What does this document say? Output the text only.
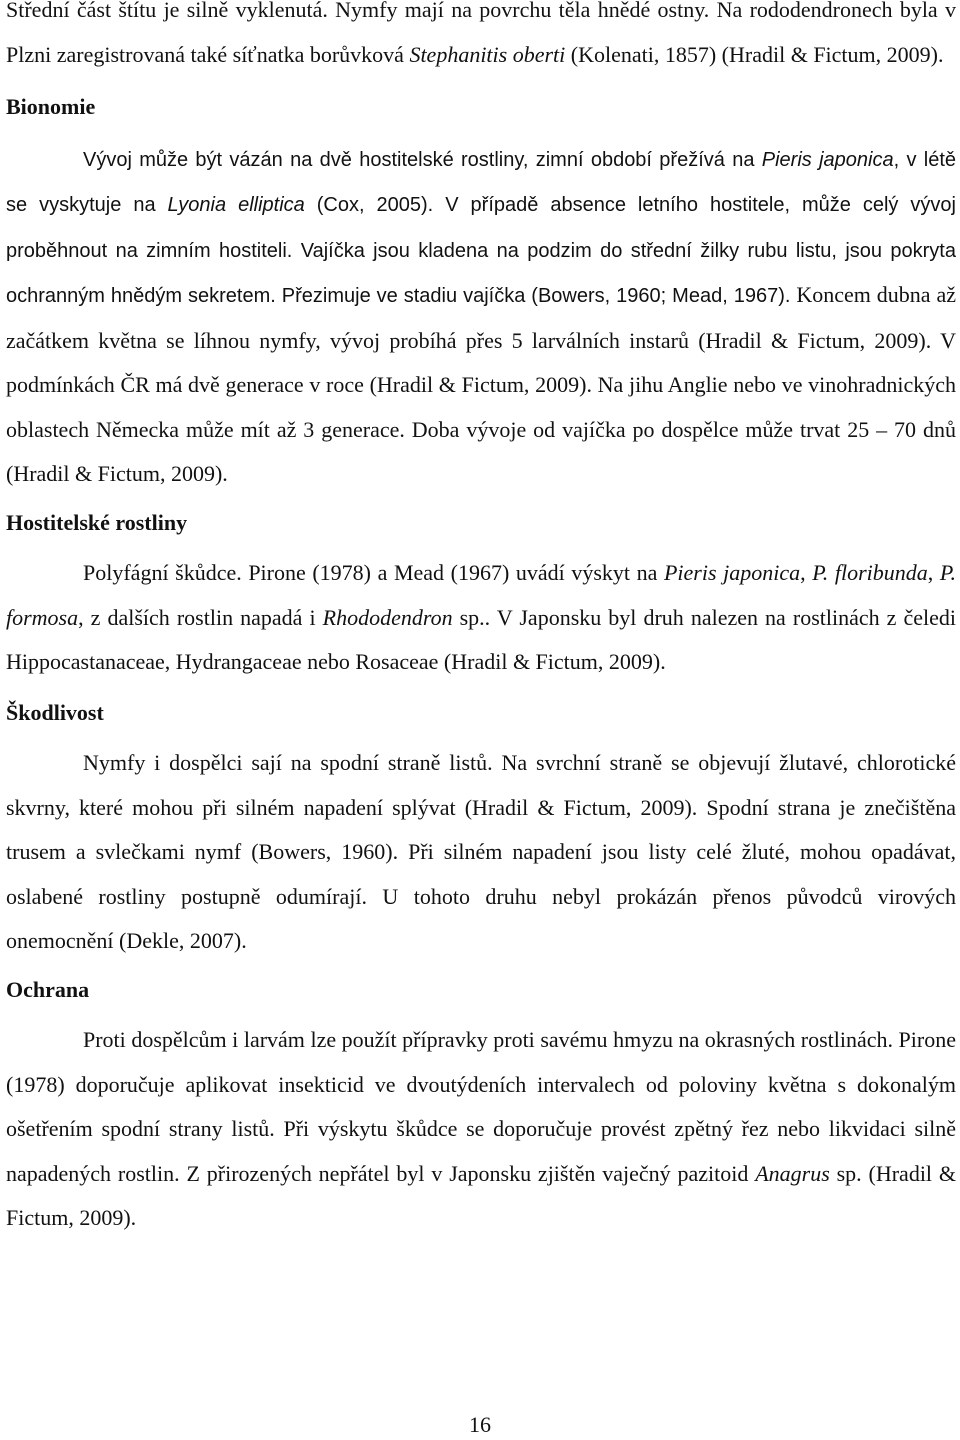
Střední část štítu je silně vyklenutá. Nymfy mají na povrchu těla hnědé ostny. Na rododendronech byla v Plzni zaregistrovaná také síťnatka borůvková Stephanitis oberti (Kolenati, 1857) (Hradil & Fictum, 2009).

Bionomie

Vývoj může být vázán na dvě hostitelské rostliny, zimní období přežívá na Pieris japonica, v létě se vyskytuje na Lyonia elliptica (Cox, 2005). V případě absence letního hostitele, může celý vývoj proběhnout na zimním hostiteli. Vajíčka jsou kladena na podzim do střední žilky rubu listu, jsou pokryta ochranným hnědým sekretem. Přezimuje ve stadiu vajíčka (Bowers, 1960; Mead, 1967). Koncem dubna až začátkem května se líhnou nymfy, vývoj probíhá přes 5 larválních instarů (Hradil & Fictum, 2009). V podmínkách ČR má dvě generace v roce (Hradil & Fictum, 2009). Na jihu Anglie nebo ve vinohradnických oblastech Německa může mít až 3 generace. Doba vývoje od vajíčka po dospělce může trvat 25 – 70 dnů (Hradil & Fictum, 2009).

Hostitelské rostliny

Polyfágní škůdce. Pirone (1978) a Mead (1967) uvádí výskyt na Pieris japonica, P. floribunda, P. formosa, z dalších rostlin napadá i Rhododendron sp.. V Japonsku byl druh nalezen na rostlinách z čeledi Hippocastanaceae, Hydrangaceae nebo Rosaceae (Hradil & Fictum, 2009).

Škodlivost

Nymfy i dospělci sají na spodní straně listů. Na svrchní straně se objevují žlutavé, chlorotické skvrny, které mohou při silném napadení splývat (Hradil & Fictum, 2009). Spodní strana je znečištěna trusem a svlečkami nymf (Bowers, 1960). Při silném napadení jsou listy celé žluté, mohou opadávat, oslabené rostliny postupně odumírají. U tohoto druhu nebyl prokázán přenos původců virových onemocnění (Dekle, 2007).

Ochrana

Proti dospělcům i larvám lze použít přípravky proti savému hmyzu na okrasných rostlinách. Pirone (1978) doporučuje aplikovat insekticid ve dvoutýdeních intervalech od poloviny května s dokonalým ošetřením spodní strany listů. Při výskytu škůdce se doporučuje provést zpětný řez nebo likvidaci silně napadených rostlin. Z přirozených nepřátel byl v Japonsku zjištěn vaječný pazitoid Anagrus sp. (Hradil & Fictum, 2009).

16
